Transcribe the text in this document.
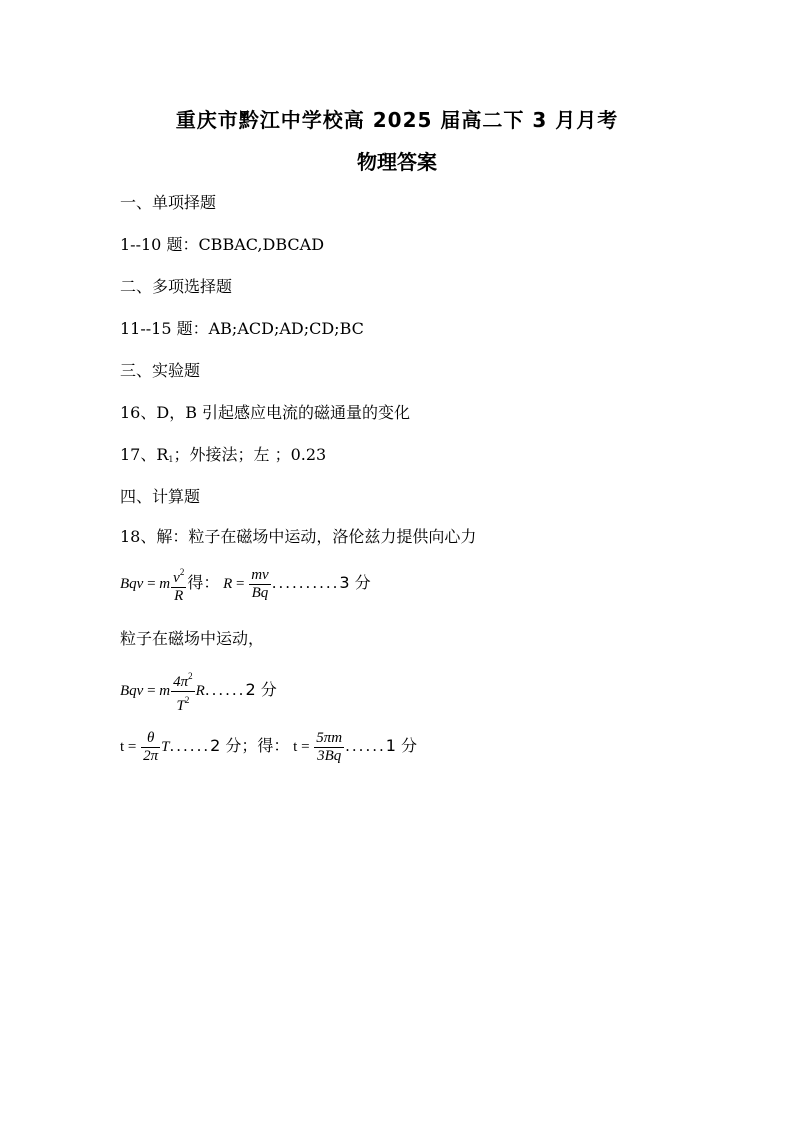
重庆市黔江中学校高 2025 届高二下 3 月月考
物理答案
一、单项择题
1--10 题：CBBAC,DBCAD
二、多项选择题
11--15 题：AB;ACD;AD;CD;BC
三、实验题
16、D，B 引起感应电流的磁通量的变化
17、$R_1$；外接法；左 ；0.23
四、计算题
18、解：粒子在磁场中运动，洛伦兹力提供向心力
Bqv = m $\frac{v^2}{R}$ 得： $R = \frac{mv}{Bq} ..........3$ 分
粒子在磁场中运动，
Bqv = m $\frac{4\pi^2}{T^2} R......2$ 分
$t = \frac{\theta}{2\pi} T......2$ 分；得： $t = \frac{5\pi m}{3Bq} ......1$ 分
